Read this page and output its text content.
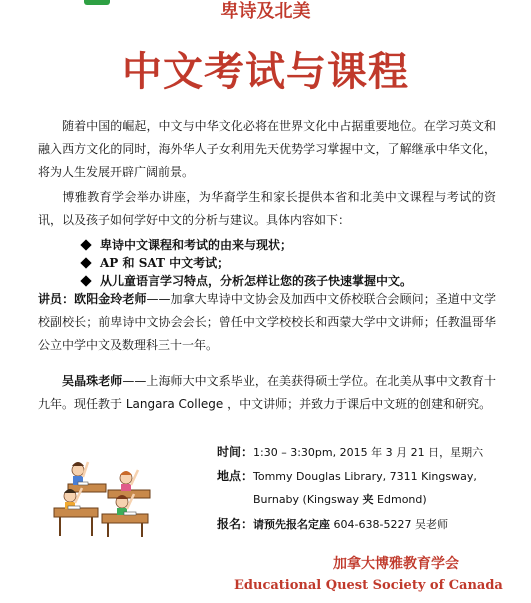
卑诗及北美
中文考试与课程

随着中国的崛起，中文与中华文化必将在世界文化中占据重要地位。在学习英文和融入西方文化的同时，海外华人子女利用先天优势学习掌握中文，了解继承中华文化，将为人生发展开辟广阔前景。

博雅教育学会举办讲座，为华裔学生和家长提供本省和北美中文课程与考试的资讯，以及孩子如何学好中文的分析与建议。具体内容如下：

卑诗中文课程和考试的由来与现状；
AP 和 SAT 中文考试；
从儿童语言学习特点，分析怎样让您的孩子快速掌握中文。

讲员：欧阳金玲老师——加拿大卑诗中文协会及加西中文侨校联合会顾问；圣道中文学校副校长；前卑诗中文协会会长；曾任中文学校校长和西蒙大学中文讲师；任教温哥华公立中学中文及数理科三十一年。

吴晶珠老师——上海师大中文系毕业，在美获得硕士学位。在北美从事中文教育十九年。现任教于 Langara College ，中文讲师；并致力于课后中文班的创建和研究。

时间：1:30 – 3:30pm, 2015 年 3 月 21 日，星期六
地点：Tommy Douglas Library, 7311 Kingsway,
Burnaby (Kingsway 夹 Edmond)
报名：请预先报名定座 604-638-5227 吴老师
加拿大博雅教育学会
Educational Quest Society of Canada
